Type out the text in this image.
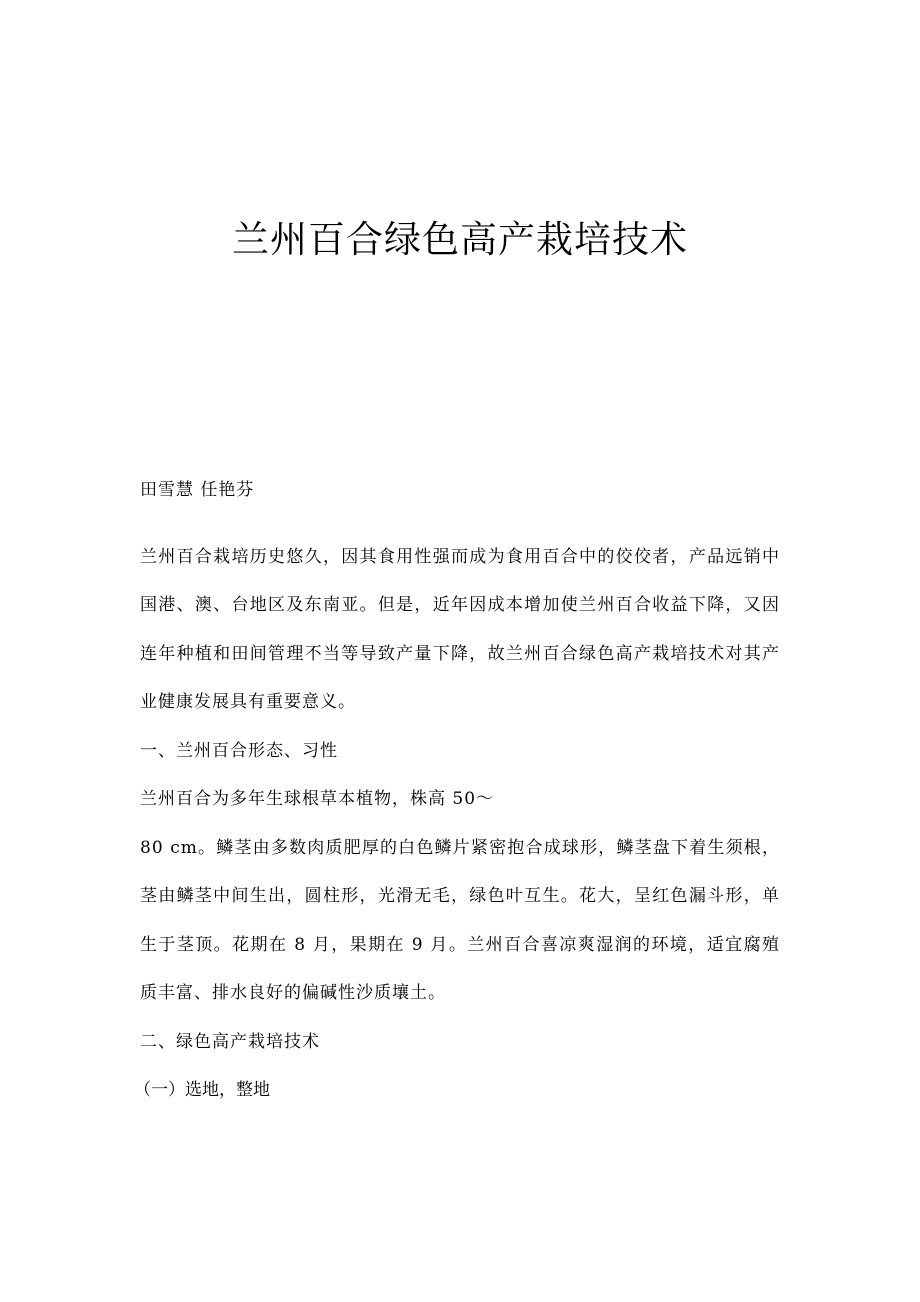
兰州百合绿色高产栽培技术

田雪慧 任艳芬

兰州百合栽培历史悠久，因其食用性强而成为食用百合中的佼佼者，产品远销中国港、澳、台地区及东南亚。但是，近年因成本增加使兰州百合收益下降，又因连年种植和田间管理不当等导致产量下降，故兰州百合绿色高产栽培技术对其产业健康发展具有重要意义。

一、兰州百合形态、习性

兰州百合为多年生球根草本植物，株高 50～

80 cm。鳞茎由多数肉质肥厚的白色鳞片紧密抱合成球形，鳞茎盘下着生须根，茎由鳞茎中间生出，圆柱形，光滑无毛，绿色叶互生。花大，呈红色漏斗形，单生于茎顶。花期在 8 月，果期在 9 月。兰州百合喜凉爽湿润的环境，适宜腐殖质丰富、排水良好的偏碱性沙质壤土。

二、绿色高产栽培技术

（一）选地，整地
